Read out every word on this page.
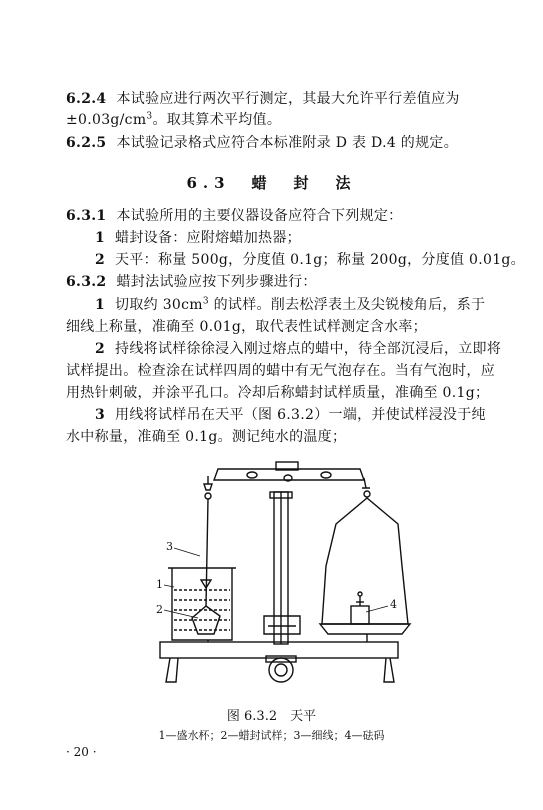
6.2.4 本试验应进行两次平行测定，其最大允许平行差值应为
$\pm 0.03g/cm^3$。取其算术平均值。
6.2.5 本试验记录格式应符合本标准附录 D 表 D.4 的规定。
6.3　蜡　封　法
6.3.1 本试验所用的主要仪器设备应符合下列规定：
1 蜡封设备：应附熔蜡加热器；
2 天平：称量 500g，分度值 0.1g；称量 200g，分度值 0.01g。
6.3.2 蜡封法试验应按下列步骤进行：
1 切取约 $30cm^3$ 的试样。削去松浮表土及尖锐棱角后，系于
细线上称量，准确至 0.01g，取代表性试样测定含水率；
2 持线将试样徐徐浸入刚过熔点的蜡中，待全部沉浸后，立即将
试样提出。检查涂在试样四周的蜡中有无气泡存在。当有气泡时，应
用热针刺破，并涂平孔口。冷却后称蜡封试样质量，准确至 0.1g；
3 用线将试样吊在天平（图 6.3.2）一端，并使试样浸没于纯
水中称量，准确至 0.1g。测记纯水的温度；
3
1
2	4
图 6.3.2　天平
1—盛水杯；2—蜡封试样；3—细线；4—砝码
· 20 ·
